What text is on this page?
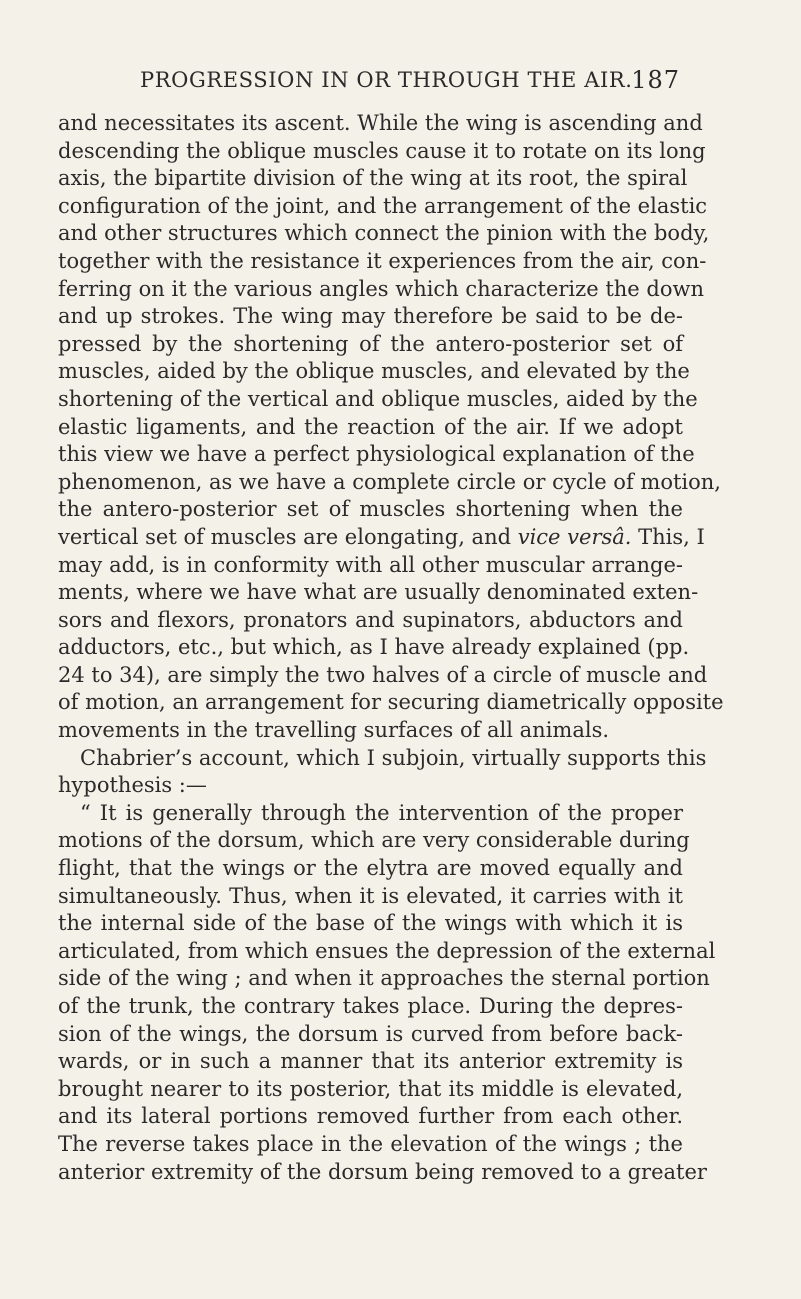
PROGRESSION IN OR THROUGH THE AIR.
187
and necessitates its ascent. While the wing is ascending and
descending the oblique muscles cause it to rotate on its long
axis, the bipartite division of the wing at its root, the spiral
configuration of the joint, and the arrangement of the elastic
and other structures which connect the pinion with the body,
together with the resistance it experiences from the air, con-
ferring on it the various angles which characterize the down
and up strokes. The wing may therefore be said to be de-
pressed by the shortening of the antero-posterior set of
muscles, aided by the oblique muscles, and elevated by the
shortening of the vertical and oblique muscles, aided by the
elastic ligaments, and the reaction of the air. If we adopt
this view we have a perfect physiological explanation of the
phenomenon, as we have a complete circle or cycle of motion,
the antero-posterior set of muscles shortening when the
vertical set of muscles are elongating, and vice versâ. This, I
may add, is in conformity with all other muscular arrange-
ments, where we have what are usually denominated exten-
sors and flexors, pronators and supinators, abductors and
adductors, etc., but which, as I have already explained (pp.
24 to 34), are simply the two halves of a circle of muscle and
of motion, an arrangement for securing diametrically opposite
movements in the travelling surfaces of all animals.
Chabrier’s account, which I subjoin, virtually supports this
hypothesis :—
“ It is generally through the intervention of the proper
motions of the dorsum, which are very considerable during
flight, that the wings or the elytra are moved equally and
simultaneously. Thus, when it is elevated, it carries with it
the internal side of the base of the wings with which it is
articulated, from which ensues the depression of the external
side of the wing ; and when it approaches the sternal portion
of the trunk, the contrary takes place. During the depres-
sion of the wings, the dorsum is curved from before back-
wards, or in such a manner that its anterior extremity is
brought nearer to its posterior, that its middle is elevated,
and its lateral portions removed further from each other.
The reverse takes place in the elevation of the wings ; the
anterior extremity of the dorsum being removed to a greater
